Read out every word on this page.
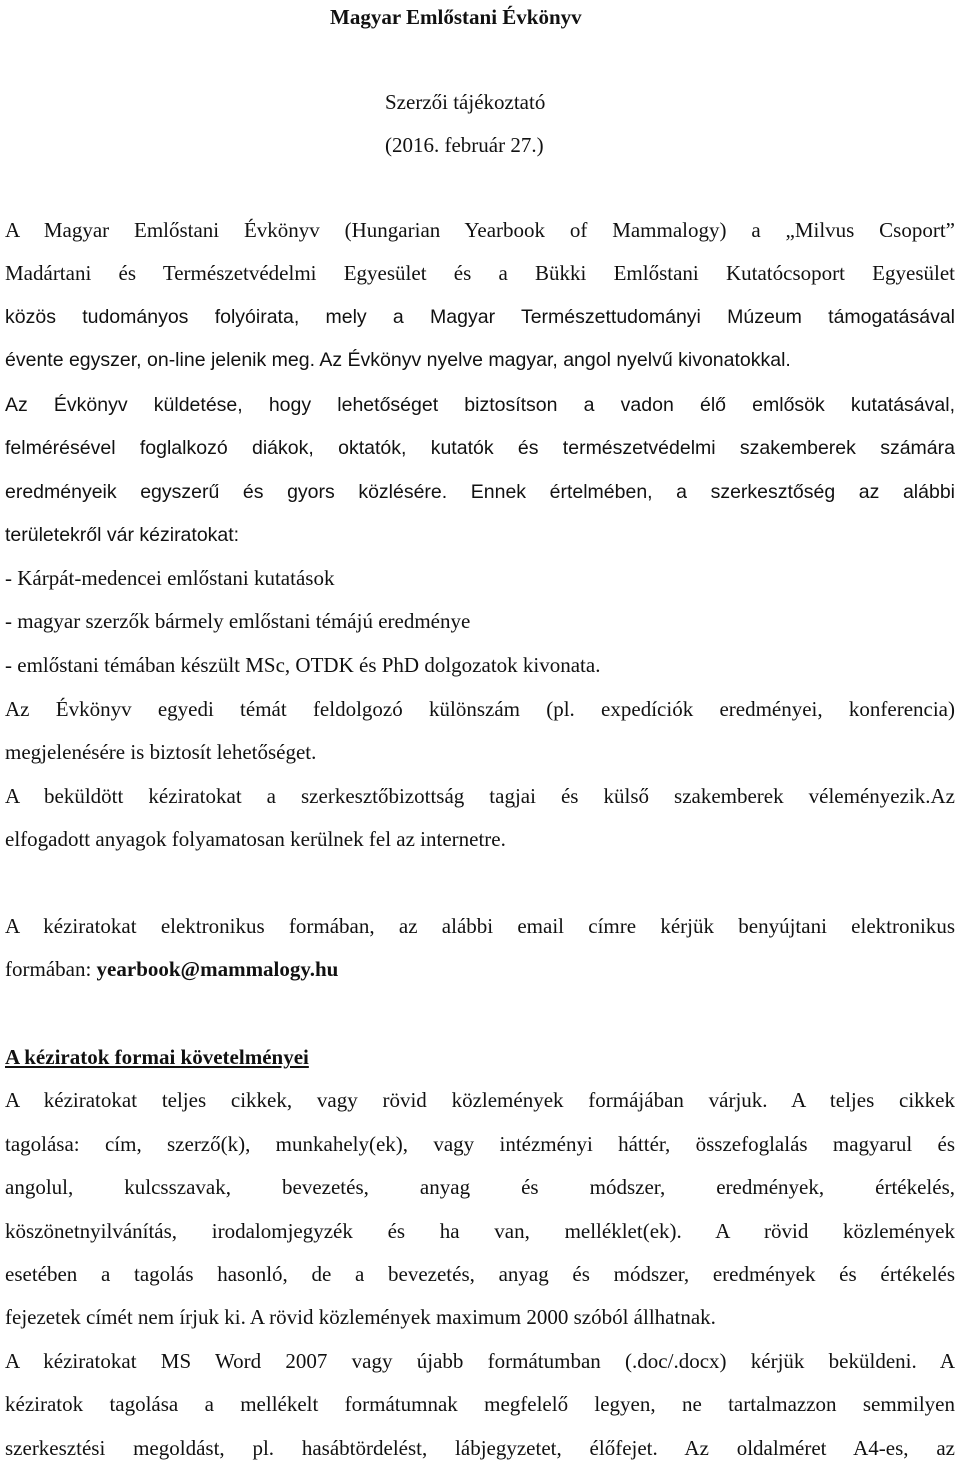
Magyar Emlőstani Évkönyv
Szerzői tájékoztató
(2016. február 27.)

A Magyar Emlőstani Évkönyv (Hungarian Yearbook of Mammalogy) a „Milvus Csoport”

Madártani és Természetvédelmi Egyesület és a Bükki Emlőstani Kutatócsoport Egyesület

közös tudományos folyóirata, mely a Magyar Természettudományi Múzeum támogatásával

évente egyszer, on-line jelenik meg. Az Évkönyv nyelve magyar, angol nyelvű kivonatokkal.

Az Évkönyv küldetése, hogy lehetőséget biztosítson a vadon élő emlősök kutatásával,

felmérésével foglalkozó diákok, oktatók, kutatók és természetvédelmi szakemberek számára

eredményeik egyszerű és gyors közlésére. Ennek értelmében, a szerkesztőség az alábbi

területekről vár kéziratokat:

- Kárpát-medencei emlőstani kutatások

- magyar szerzők bármely emlőstani témájú eredménye

- emlőstani témában készült MSc, OTDK és PhD dolgozatok kivonata.

Az Évkönyv egyedi témát feldolgozó különszám (pl. expedíciók eredményei, konferencia)

megjelenésére is biztosít lehetőséget.

A beküldött kéziratokat a szerkesztőbizottság tagjai és külső szakemberek véleményezik.Az

elfogadott anyagok folyamatosan kerülnek fel az internetre.

A kéziratokat elektronikus formában, az alábbi email címre kérjük benyújtani elektronikus

formában: yearbook@mammalogy.hu

A kéziratok formai követelményei

A kéziratokat teljes cikkek, vagy rövid közlemények formájában várjuk. A teljes cikkek

tagolása: cím, szerző(k), munkahely(ek), vagy intézményi háttér, összefoglalás magyarul és

angolul, kulcsszavak, bevezetés, anyag és módszer, eredmények, értékelés,

köszönetnyilvánítás, irodalomjegyzék és ha van, melléklet(ek). A rövid közlemények

esetében a tagolás hasonló, de a bevezetés, anyag és módszer, eredmények és értékelés

fejezetek címét nem írjuk ki. A rövid közlemények maximum 2000 szóból állhatnak.

A kéziratokat MS Word 2007 vagy újabb formátumban (.doc/.docx) kérjük beküldeni. A

kéziratok tagolása a mellékelt formátumnak megfelelő legyen, ne tartalmazzon semmilyen

szerkesztési megoldást, pl. hasábtördelést, lábjegyzetet, élőfejet. Az oldalméret A4-es, az
